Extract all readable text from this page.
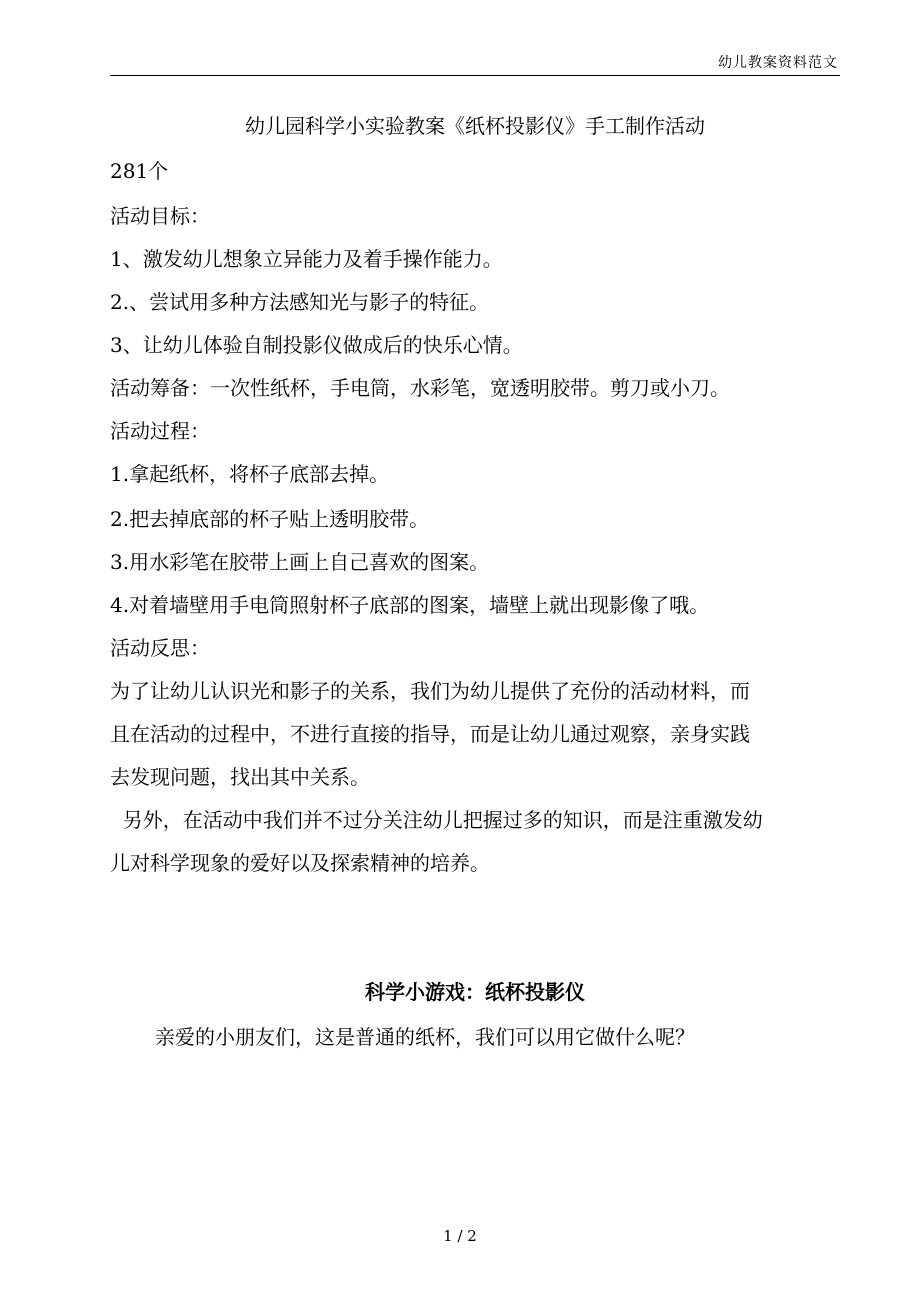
幼儿教案资料范文
幼儿园科学小实验教案《纸杯投影仪》手工制作活动
281个
活动目标：
1、激发幼儿想象立异能力及着手操作能力。
2.、尝试用多种方法感知光与影子的特征。
3、让幼儿体验自制投影仪做成后的快乐心情。
活动筹备：一次性纸杯，手电筒，水彩笔，宽透明胶带。剪刀或小刀。
活动过程：
1.拿起纸杯，将杯子底部去掉。
2.把去掉底部的杯子贴上透明胶带。
3.用水彩笔在胶带上画上自己喜欢的图案。
4.对着墙壁用手电筒照射杯子底部的图案，墙壁上就出现影像了哦。
活动反思：
为了让幼儿认识光和影子的关系，我们为幼儿提供了充份的活动材料，而
且在活动的过程中，不进行直接的指导，而是让幼儿通过观察，亲身实践
去发现问题，找出其中关系。
另外，在活动中我们并不过分关注幼儿把握过多的知识，而是注重激发幼
儿对科学现象的爱好以及探索精神的培养。
科学小游戏：纸杯投影仪
亲爱的小朋友们，这是普通的纸杯，我们可以用它做什么呢？
1 / 2
